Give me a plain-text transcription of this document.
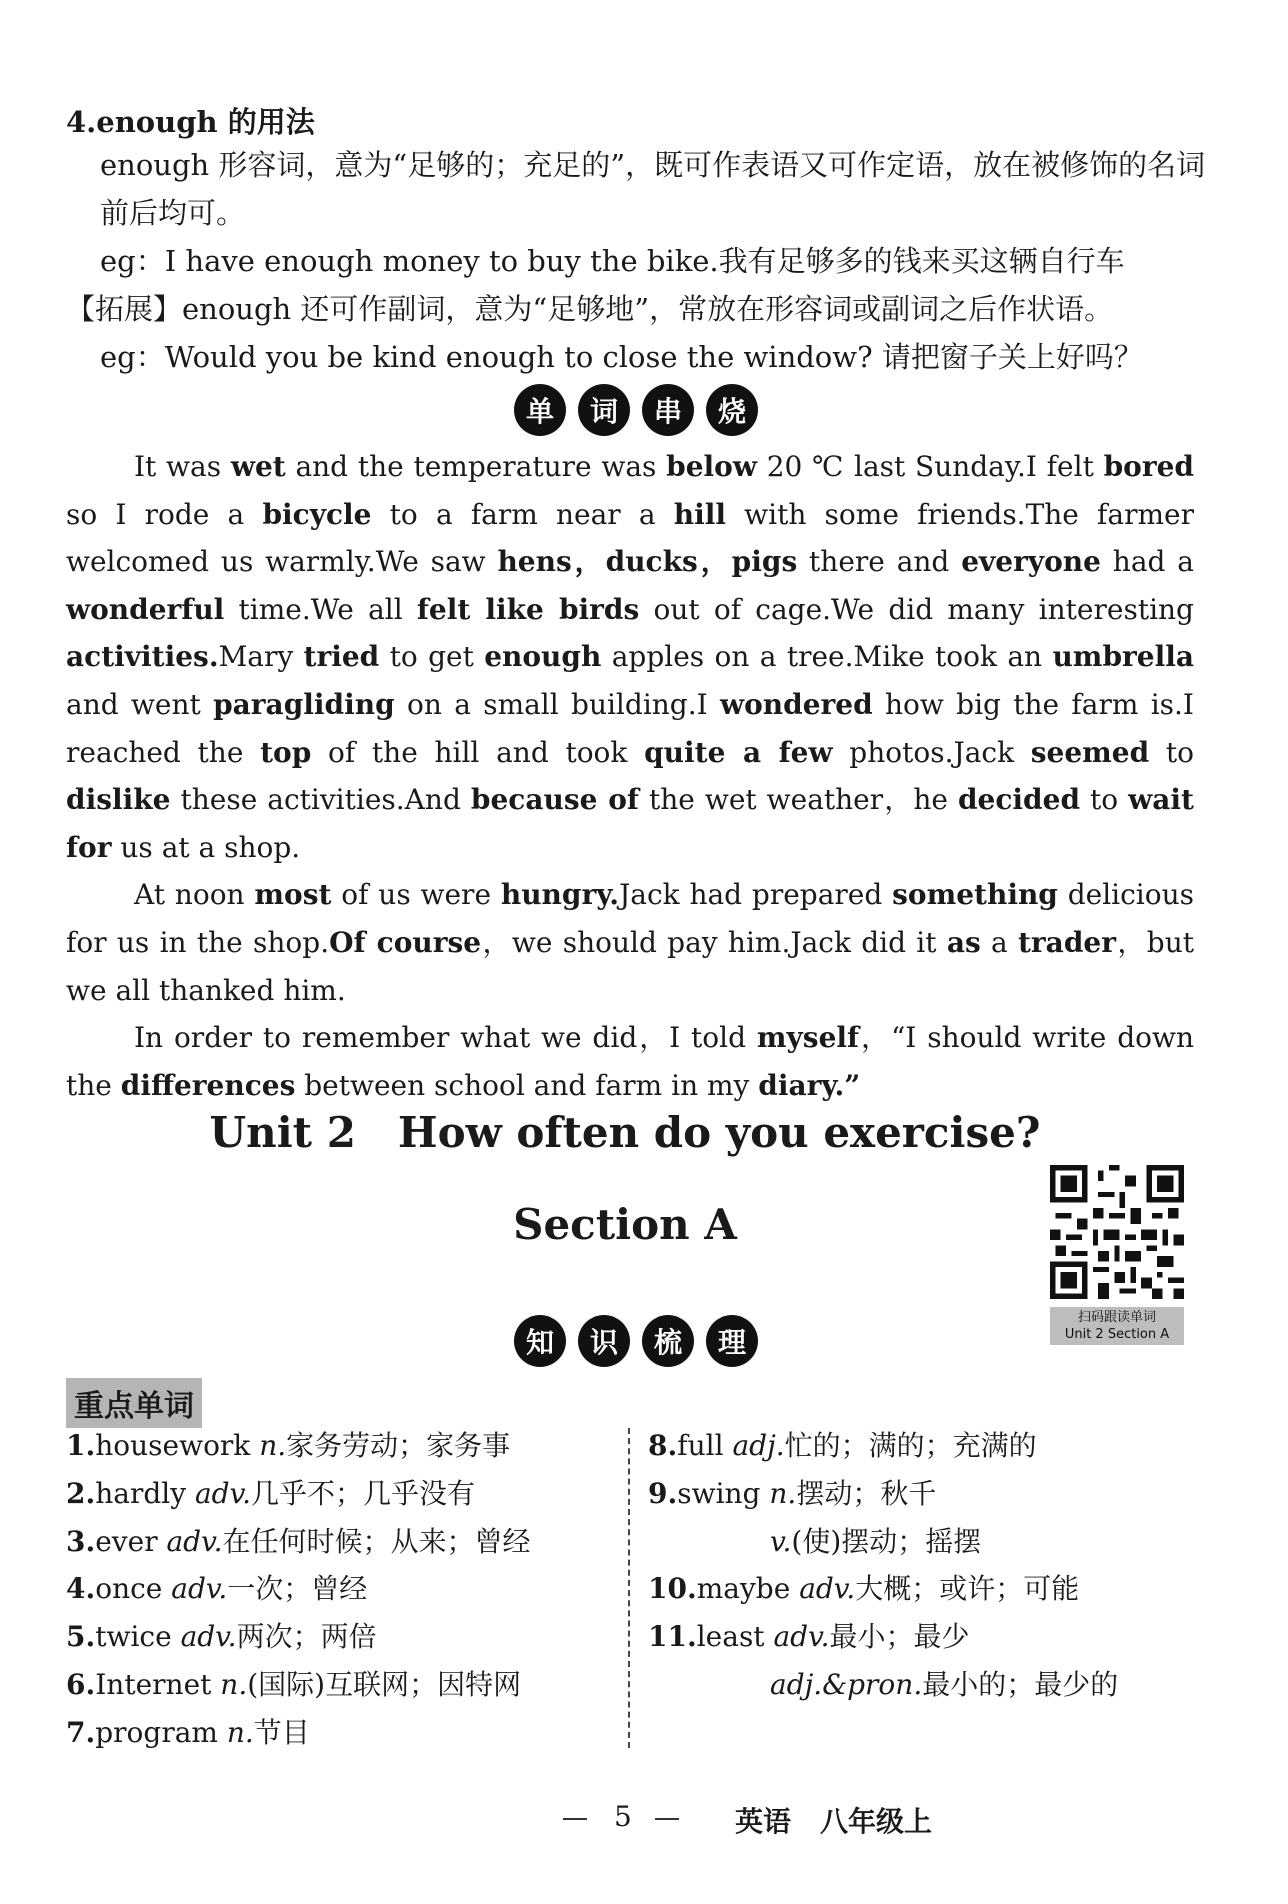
4.enough 的用法
enough 形容词，意为“足够的；充足的”，既可作表语又可作定语，放在被修饰的名词前后均可。
eg：I have enough money to buy the bike.我有足够多的钱来买这辆自行车
【拓展】enough 还可作副词，意为“足够地”，常放在形容词或副词之后作状语。
eg：Would you be kind enough to close the window? 请把窗子关上好吗？
单	词	串	烧

It was wet and the temperature was below 20 ℃ last Sunday.I felt bored so I rode a bicycle to a farm near a hill with some friends.The farmer welcomed us warmly.We saw hens，ducks，pigs there and everyone had a wonderful time.We all felt like birds out of cage.We did many interesting activities.Mary tried to get enough apples on a tree.Mike took an umbrella and went paragliding on a small building.I wondered how big the farm is.I reached the top of the hill and took quite a few photos.Jack seemed to dislike these activities.And because of the wet weather，he decided to wait for us at a shop.

At noon most of us were hungry.Jack had prepared something delicious for us in the shop.Of course，we should pay him.Jack did it as a trader，but we all thanked him.

In order to remember what we did，I told myself，“I should write down the differences between school and farm in my diary.”

Unit 2　How often do you exercise?
Section A
扫码跟读单词
Unit 2 Section A
知	识	梳	理
重点单词
1.housework n.家务劳动；家务事
2.hardly adv.几乎不；几乎没有
3.ever adv.在任何时候；从来；曾经
4.once adv.一次；曾经
5.twice adv.两次；两倍
6.Internet n.(国际)互联网；因特网
7.program n.节目
8.full adj.忙的；满的；充满的
9.swing n.摆动；秋千
v.(使)摆动；摇摆
10.maybe adv.大概；或许；可能
11.least adv.最小；最少
adj.&pron.最小的；最少的
5	英语 八年级上
